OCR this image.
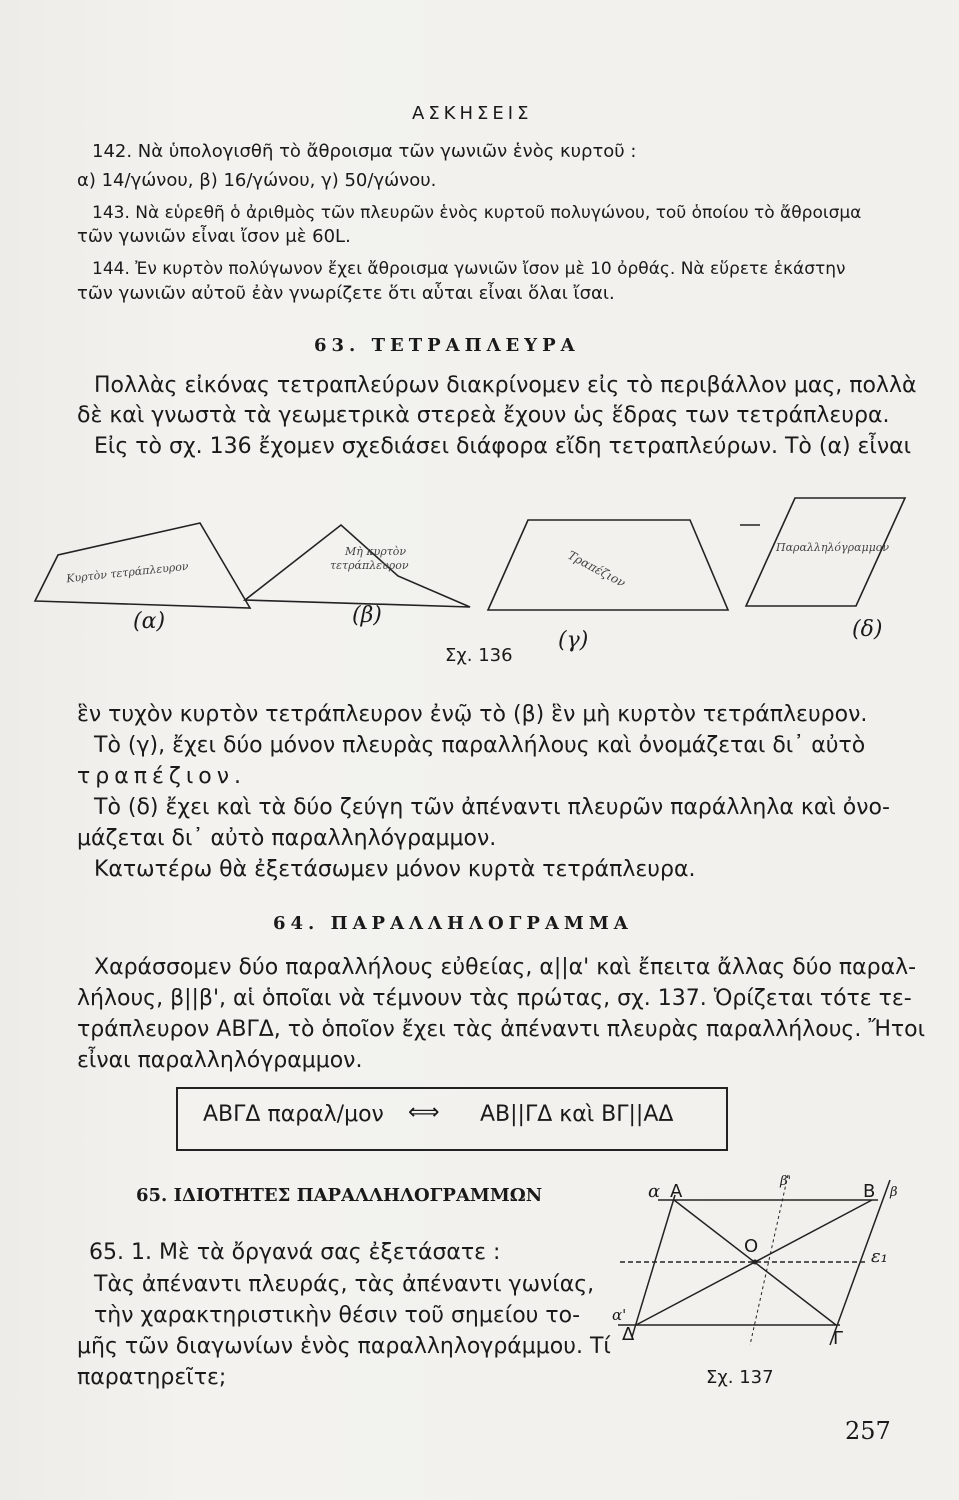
ΑΣΚΗΣΕΙΣ
142. Νὰ ὑπολογισθῆ τὸ ἄθροισμα τῶν γωνιῶν ἑνὸς κυρτοῦ :
α) 14/γώνου, β) 16/γώνου, γ) 50/γώνου.
143. Νὰ εὑρεθῆ ὁ ἀριθμὸς τῶν πλευρῶν ἑνὸς κυρτοῦ πολυγώνου, τοῦ ὁποίου τὸ ἄθροισμα
τῶν γωνιῶν εἶναι ἴσον μὲ 60L.
144. Ἐν κυρτὸν πολύγωνον ἔχει ἄθροισμα γωνιῶν ἴσον μὲ 10 ὀρθάς. Νὰ εὕρετε ἑκάστην
τῶν γωνιῶν αὐτοῦ ἐὰν γνωρίζετε ὅτι αὗται εἶναι ὅλαι ἴσαι.
63. ΤΕΤΡΑΠΛΕΥΡΑ
Πολλὰς εἰκόνας τετραπλεύρων διακρίνομεν εἰς τὸ περιβάλλον μας, πολλὰ
δὲ καὶ γνωστὰ τὰ γεωμετρικὰ στερεὰ ἔχουν ὡς ἕδρας των τετράπλευρα.
Εἰς τὸ σχ. 136 ἔχομεν σχεδιάσει διάφορα εἴδη τετραπλεύρων. Τὸ (α) εἶναι
Κυρτὸν τετράπλευρον
Μὴ κυρτὸν
τετράπλευρον	Τραπέζιον
Παραλληλόγραμμον
(α)	(β)
(γ)	(δ)
Σχ. 136
ἓν τυχὸν κυρτὸν τετράπλευρον ἐνῷ τὸ (β) ἓν μὴ κυρτὸν τετράπλευρον.
Τὸ (γ), ἔχει δύο μόνον πλευρὰς παραλλήλους καὶ ὀνομάζεται δι᾽ αὐτὸ
τραπέζιον.
Τὸ (δ) ἔχει καὶ τὰ δύο ζεύγη τῶν ἀπέναντι πλευρῶν παράλληλα καὶ ὀνο-
μάζεται δι᾽ αὐτὸ παραλληλόγραμμον.
Κατωτέρω θὰ ἐξετάσωμεν μόνον κυρτὰ τετράπλευρα.
64. ΠΑΡΑΛΛΗΛΟΓΡΑΜΜΑ
Χαράσσομεν δύο παραλλήλους εὐθείας, α||α' καὶ ἔπειτα ἄλλας δύο παραλ-
λήλους, β||β', αἱ ὁποῖαι νὰ τέμνουν τὰς πρώτας, σχ. 137. Ὁρίζεται τότε τε-
τράπλευρον ΑΒΓΔ, τὸ ὁποῖον ἔχει τὰς ἀπέναντι πλευρὰς παραλλήλους. Ἤτοι
εἶναι παραλληλόγραμμον.
ΑΒΓΔ παραλ/μον ⟺ ΑΒ||ΓΔ καὶ ΒΓ||ΑΔ
65. ΙΔΙΟΤΗΤΕΣ ΠΑΡΑΛΛΗΛΟΓΡΑΜΜΩΝ
65. 1. Μὲ τὰ ὄργανά σας ἐξετάσατε :
Τὰς ἀπέναντι πλευράς, τὰς ἀπέναντι γωνίας,
τὴν χαρακτηριστικὴν θέσιν τοῦ σημείου το-
μῆς τῶν διαγωνίων ἑνὸς παραλληλογράμμου. Τί
παρατηρεῖτε;
α Α	Β
β'
β
Ο	ε₁
α'
Δ	Γ
Σχ. 137
257
